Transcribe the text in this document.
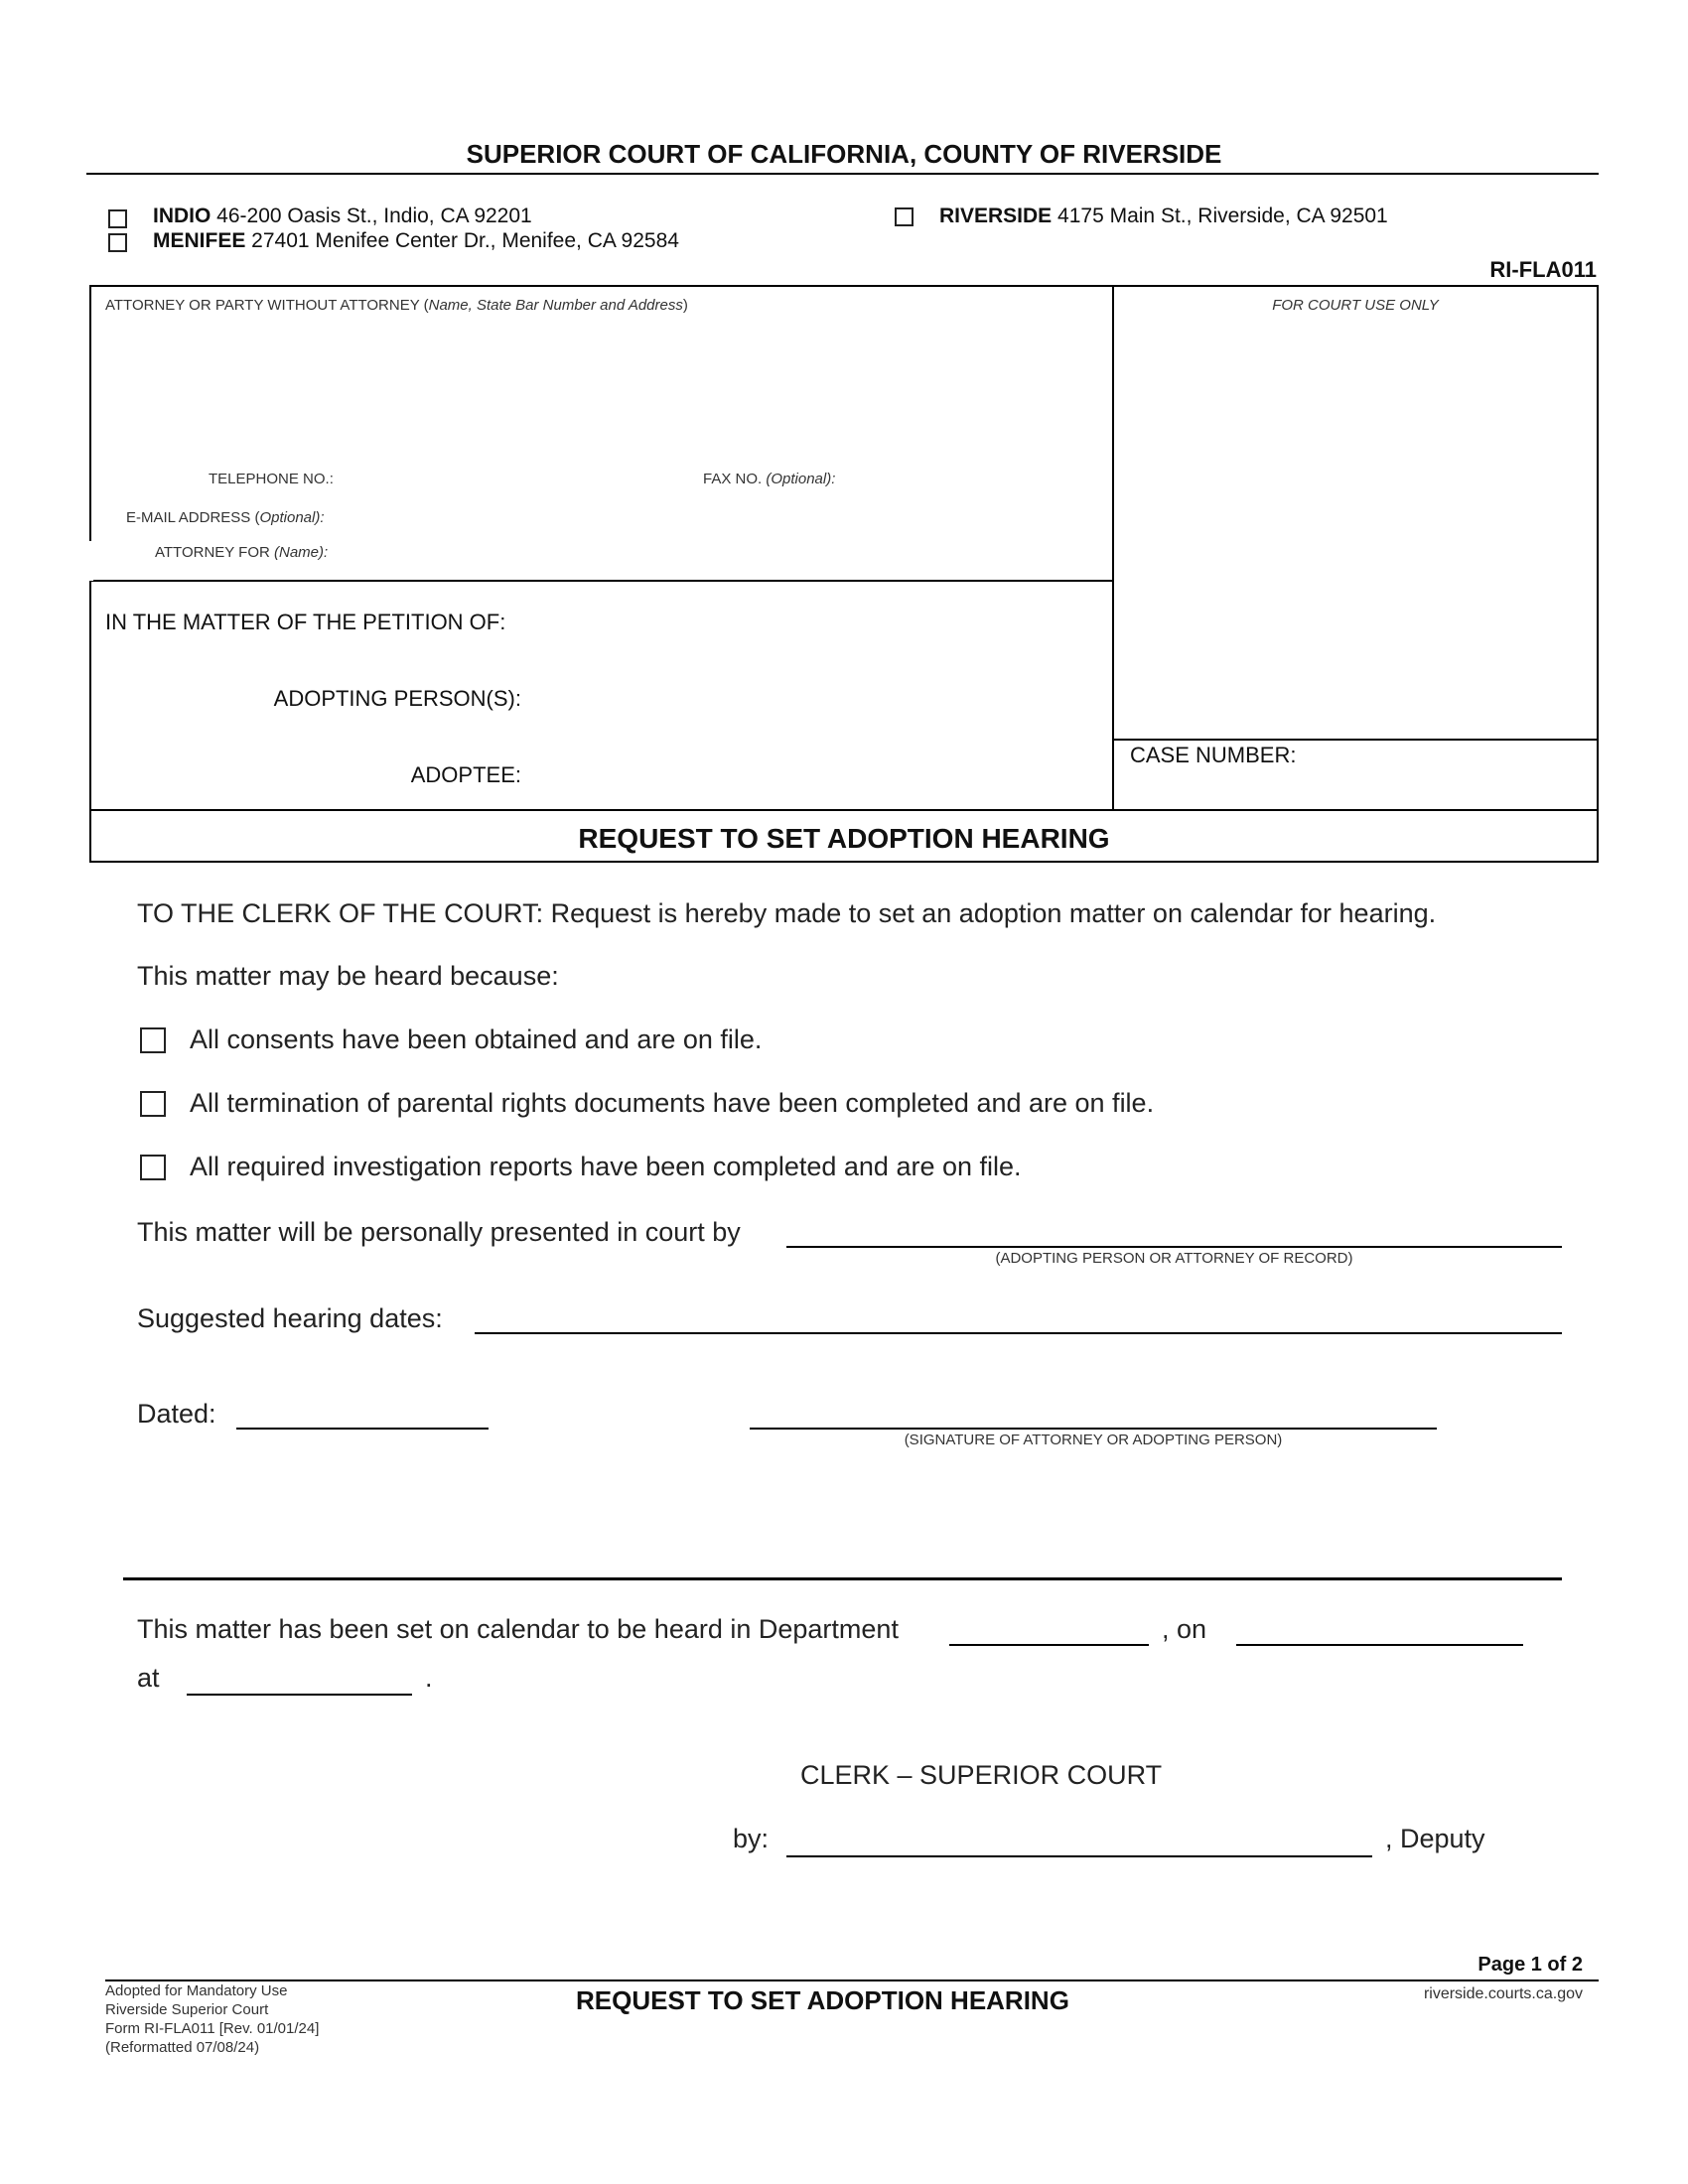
SUPERIOR COURT OF CALIFORNIA, COUNTY OF RIVERSIDE
INDIO 46-200 Oasis St., Indio, CA 92201
MENIFEE 27401 Menifee Center Dr., Menifee, CA 92584
RIVERSIDE 4175 Main St., Riverside, CA 92501
RI-FLA011
ATTORNEY OR PARTY WITHOUT ATTORNEY (Name, State Bar Number and Address)	FOR COURT USE ONLY
TELEPHONE NO.:	FAX NO. (Optional):
E-MAIL ADDRESS (Optional):
ATTORNEY FOR (Name):
IN THE MATTER OF THE PETITION OF:
ADOPTING PERSON(S):
ADOPTEE:
CASE NUMBER:
REQUEST TO SET ADOPTION HEARING
TO THE CLERK OF THE COURT: Request is hereby made to set an adoption matter on calendar for hearing.
This matter may be heard because:
All consents have been obtained and are on file.
All termination of parental rights documents have been completed and are on file.
All required investigation reports have been completed and are on file.
This matter will be personally presented in court by
(ADOPTING PERSON OR ATTORNEY OF RECORD)
Suggested hearing dates:
Dated:
(SIGNATURE OF ATTORNEY OR ADOPTING PERSON)
This matter has been set on calendar to be heard in Department	, on
at	.
CLERK – SUPERIOR COURT
by:	, Deputy
Page 1 of 2
REQUEST TO SET ADOPTION HEARING	riverside.courts.ca.gov
Adopted for Mandatory Use
Riverside Superior Court
Form RI-FLA011 [Rev. 01/01/24]
(Reformatted 07/08/24)
